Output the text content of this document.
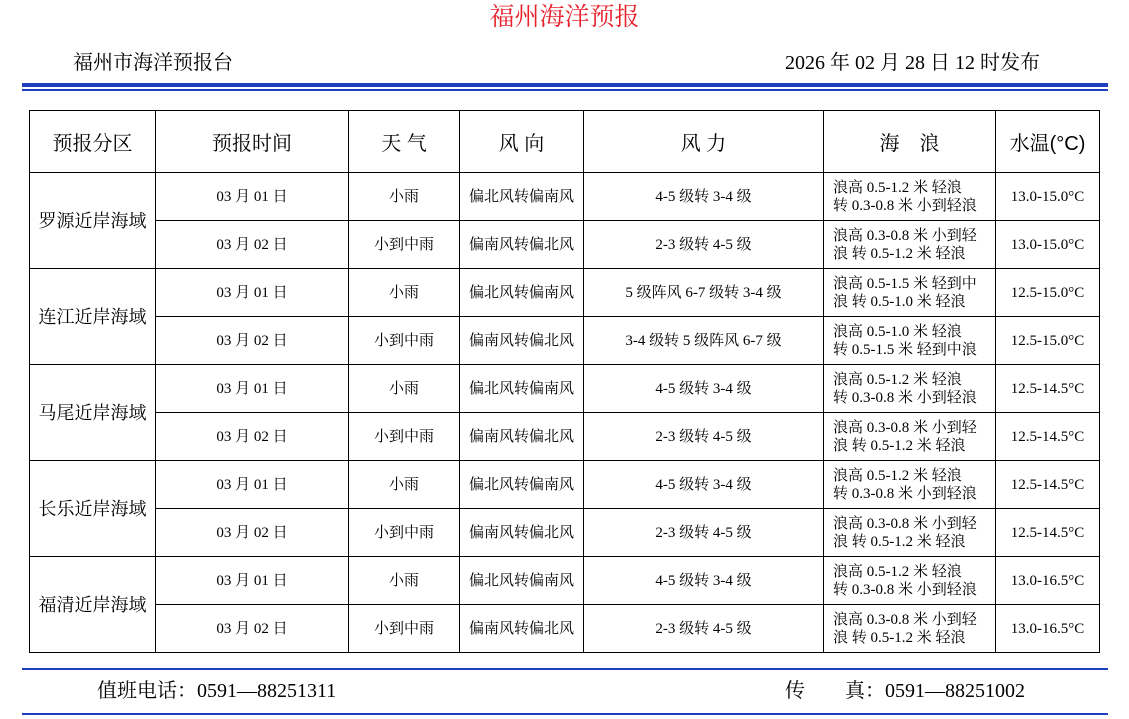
福州海洋预报
福州市海洋预报台	2026 年 02 月 28 日 12 时发布
预报分区	预报时间	天 气	风 向	风 力	海　浪	水温(°C)
罗源近岸海域	03 月 01 日	小雨	偏北风转偏南风	4-5 级转 3-4 级	浪高 0.5-1.2 米 轻浪 转 0.3-0.8 米 小到轻浪	13.0-15.0°C
	03 月 02 日	小到中雨	偏南风转偏北风	2-3 级转 4-5 级	浪高 0.3-0.8 米 小到轻浪 转 0.5-1.2 米 轻浪	13.0-15.0°C
连江近岸海域	03 月 01 日	小雨	偏北风转偏南风	5 级阵风 6-7 级转 3-4 级	浪高 0.5-1.5 米 轻到中浪 转 0.5-1.0 米 轻浪	12.5-15.0°C
	03 月 02 日	小到中雨	偏南风转偏北风	3-4 级转 5 级阵风 6-7 级	浪高 0.5-1.0 米 轻浪 转 0.5-1.5 米 轻到中浪	12.5-15.0°C
马尾近岸海域	03 月 01 日	小雨	偏北风转偏南风	4-5 级转 3-4 级	浪高 0.5-1.2 米 轻浪 转 0.3-0.8 米 小到轻浪	12.5-14.5°C
	03 月 02 日	小到中雨	偏南风转偏北风	2-3 级转 4-5 级	浪高 0.3-0.8 米 小到轻浪 转 0.5-1.2 米 轻浪	12.5-14.5°C
长乐近岸海域	03 月 01 日	小雨	偏北风转偏南风	4-5 级转 3-4 级	浪高 0.5-1.2 米 轻浪 转 0.3-0.8 米 小到轻浪	12.5-14.5°C
	03 月 02 日	小到中雨	偏南风转偏北风	2-3 级转 4-5 级	浪高 0.3-0.8 米 小到轻浪 转 0.5-1.2 米 轻浪	12.5-14.5°C
福清近岸海域	03 月 01 日	小雨	偏北风转偏南风	4-5 级转 3-4 级	浪高 0.5-1.2 米 轻浪 转 0.3-0.8 米 小到轻浪	13.0-16.5°C
	03 月 02 日	小到中雨	偏南风转偏北风	2-3 级转 4-5 级	浪高 0.3-0.8 米 小到轻浪 转 0.5-1.2 米 轻浪	13.0-16.5°C
值班电话：0591—88251311	传　　真：0591—88251002
